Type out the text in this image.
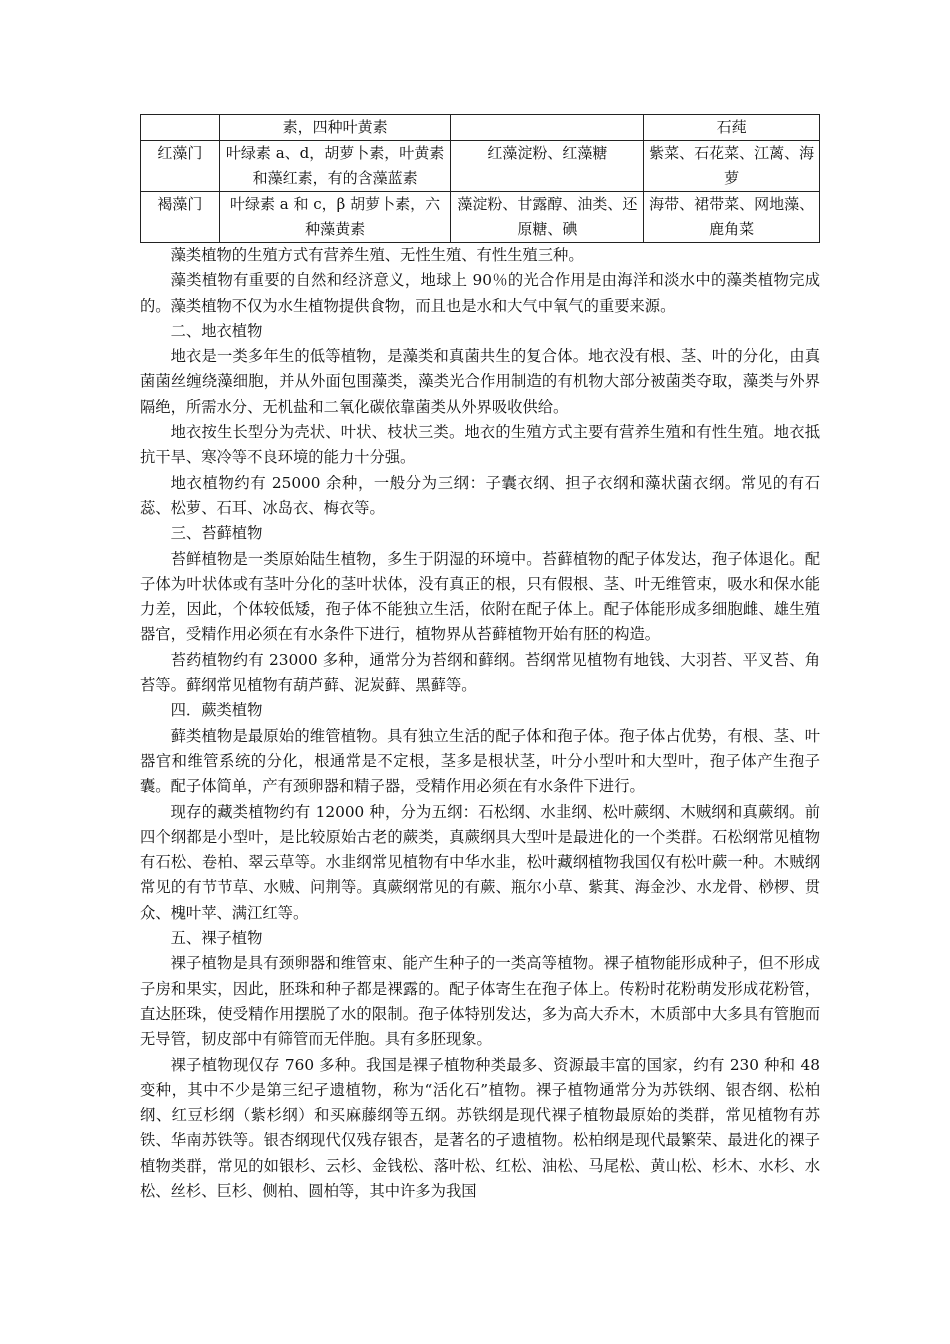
	素，四种叶黄素		石莼
红藻门	叶绿素 a、d，胡萝卜素，叶黄素和藻红素，有的含藻蓝素	红藻淀粉、红藻糖	紫菜、石花菜、江蓠、海萝
褐藻门	叶绿素 a 和 c，β 胡萝卜素，六种藻黄素	藻淀粉、甘露醇、油类、还原糖、碘	海带、裙带菜、网地藻、鹿角菜

藻类植物的生殖方式有营养生殖、无性生殖、有性生殖三种。

藻类植物有重要的自然和经济意义，地球上 90％的光合作用是由海洋和淡水中的藻类植物完成的。藻类植物不仅为水生植物提供食物，而且也是水和大气中氧气的重要来源。

二、地衣植物

地衣是一类多年生的低等植物，是藻类和真菌共生的复合体。地衣没有根、茎、叶的分化，由真菌菌丝缠绕藻细胞，并从外面包围藻类，藻类光合作用制造的有机物大部分被菌类夺取，藻类与外界隔绝，所需水分、无机盐和二氧化碳依靠菌类从外界吸收供给。

地衣按生长型分为壳状、叶状、枝状三类。地衣的生殖方式主要有营养生殖和有性生殖。地衣抵抗干旱、寒冷等不良环境的能力十分强。

地衣植物约有 25000 余种，一般分为三纲：子囊衣纲、担子衣纲和藻状菌衣纲。常见的有石蕊、松萝、石耳、冰岛衣、梅衣等。

三、苔藓植物

苔鲜植物是一类原始陆生植物，多生于阴湿的环境中。苔藓植物的配子体发达，孢子体退化。配子体为叶状体或有茎叶分化的茎叶状体，没有真正的根，只有假根、茎、叶无维管束，吸水和保水能力差，因此，个体较低矮，孢子体不能独立生活，依附在配子体上。配子体能形成多细胞雌、雄生殖器官，受精作用必须在有水条件下进行，植物界从苔藓植物开始有胚的构造。

苔药植物约有 23000 多种，通常分为苔纲和藓纲。苔纲常见植物有地钱、大羽苔、平叉苔、角苔等。藓纲常见植物有葫芦藓、泥炭藓、黑藓等。

四．蕨类植物

藓类植物是最原始的维管植物。具有独立生活的配子体和孢子体。孢子体占优势，有根、茎、叶器官和维管系统的分化，根通常是不定根，茎多是根状茎，叶分小型叶和大型叶，孢子体产生孢子囊。配子体简单，产有颈卵器和精子器，受精作用必须在有水条件下进行。

现存的藏类植物约有 12000 种，分为五纲：石松纲、水韭纲、松叶蕨纲、木贼纲和真蕨纲。前四个纲都是小型叶，是比较原始古老的蕨类，真蕨纲具大型叶是最进化的一个类群。石松纲常见植物有石松、卷柏、翠云草等。水韭纲常见植物有中华水韭，松叶藏纲植物我国仅有松叶蕨一种。木贼纲常见的有节节草、水贼、问荆等。真蕨纲常见的有蕨、瓶尔小草、紫萁、海金沙、水龙骨、桫椤、贯众、槐叶苹、满江红等。

五、裸子植物

裸子植物是具有颈卵器和维管束、能产生种子的一类高等植物。裸子植物能形成种子，但不形成子房和果实，因此，胚珠和种子都是裸露的。配子体寄生在孢子体上。传粉时花粉萌发形成花粉管，直达胚珠，使受精作用摆脱了水的限制。孢子体特别发达，多为高大乔木，木质部中大多具有管胞而无导管，韧皮部中有筛管而无伴胞。具有多胚现象。

裸子植物现仅存 760 多种。我国是裸子植物种类最多、资源最丰富的国家，约有 230 种和 48 变种，其中不少是第三纪孑遗植物，称为“活化石”植物。裸子植物通常分为苏铁纲、银杏纲、松柏纲、红豆杉纲（紫杉纲）和买麻藤纲等五纲。苏铁纲是现代裸子植物最原始的类群，常见植物有苏铁、华南苏铁等。银杏纲现代仅残存银杏，是著名的孑遗植物。松柏纲是现代最繁荣、最进化的裸子植物类群，常见的如银杉、云杉、金钱松、落叶松、红松、油松、马尾松、黄山松、杉木、水杉、水松、丝杉、巨杉、侧柏、圆柏等，其中许多为我国
